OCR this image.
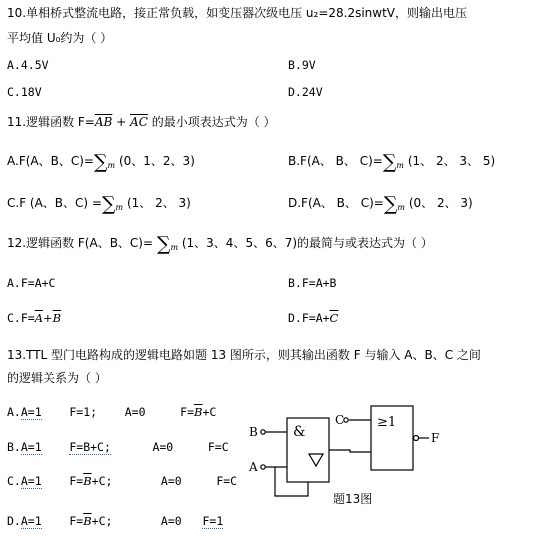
10.单相桥式整流电路，接正常负载，如变压器次级电压 u₂=28.2sinwtV，则输出电压
平均值 U₀约为（ ）
A.4.5V	B.9V
C.18V	D.24V
11.逻辑函数 $F=\overline{AB} + \overline{AC}$ 的最小项表达式为（ ）
A.F(A、B、$C)=\sum_m$ (0、1、2、3)	B.F(A、 B、 $C)=\sum_m$ (1、 2、 3、 5)
C.F (A、B、$C) =\sum_m$ (1、 2、 3)	D.F(A、 B、 $C)=\sum_m$ (0、 2、 3)
12.逻辑函数 F(A、B、$C)= \sum_m$ (1、3、4、5、6、7)的最简与或表达式为（ ）
A.F=A+C	B.F=A+B
$C.F=\overline{A}+\overline{B}$	$D.F=A+\overline{C}$
13.TTL 型门电路构成的逻辑电路如题 13 图所示，则其输出函数 F 与输入 A、B、C 之间
的逻辑关系为（ ）
A.A=1 F=1; A=0	$F=\overline{B}+C$
B.A=1 F=B+C;	A=0	F=C
C.A=1 $F=\overline{B}+C$;	A=0	F=C
D.A=1 $F=\overline{B}+C$;	A=0 F=1
B
A
C
F
&
≥1
题13图
